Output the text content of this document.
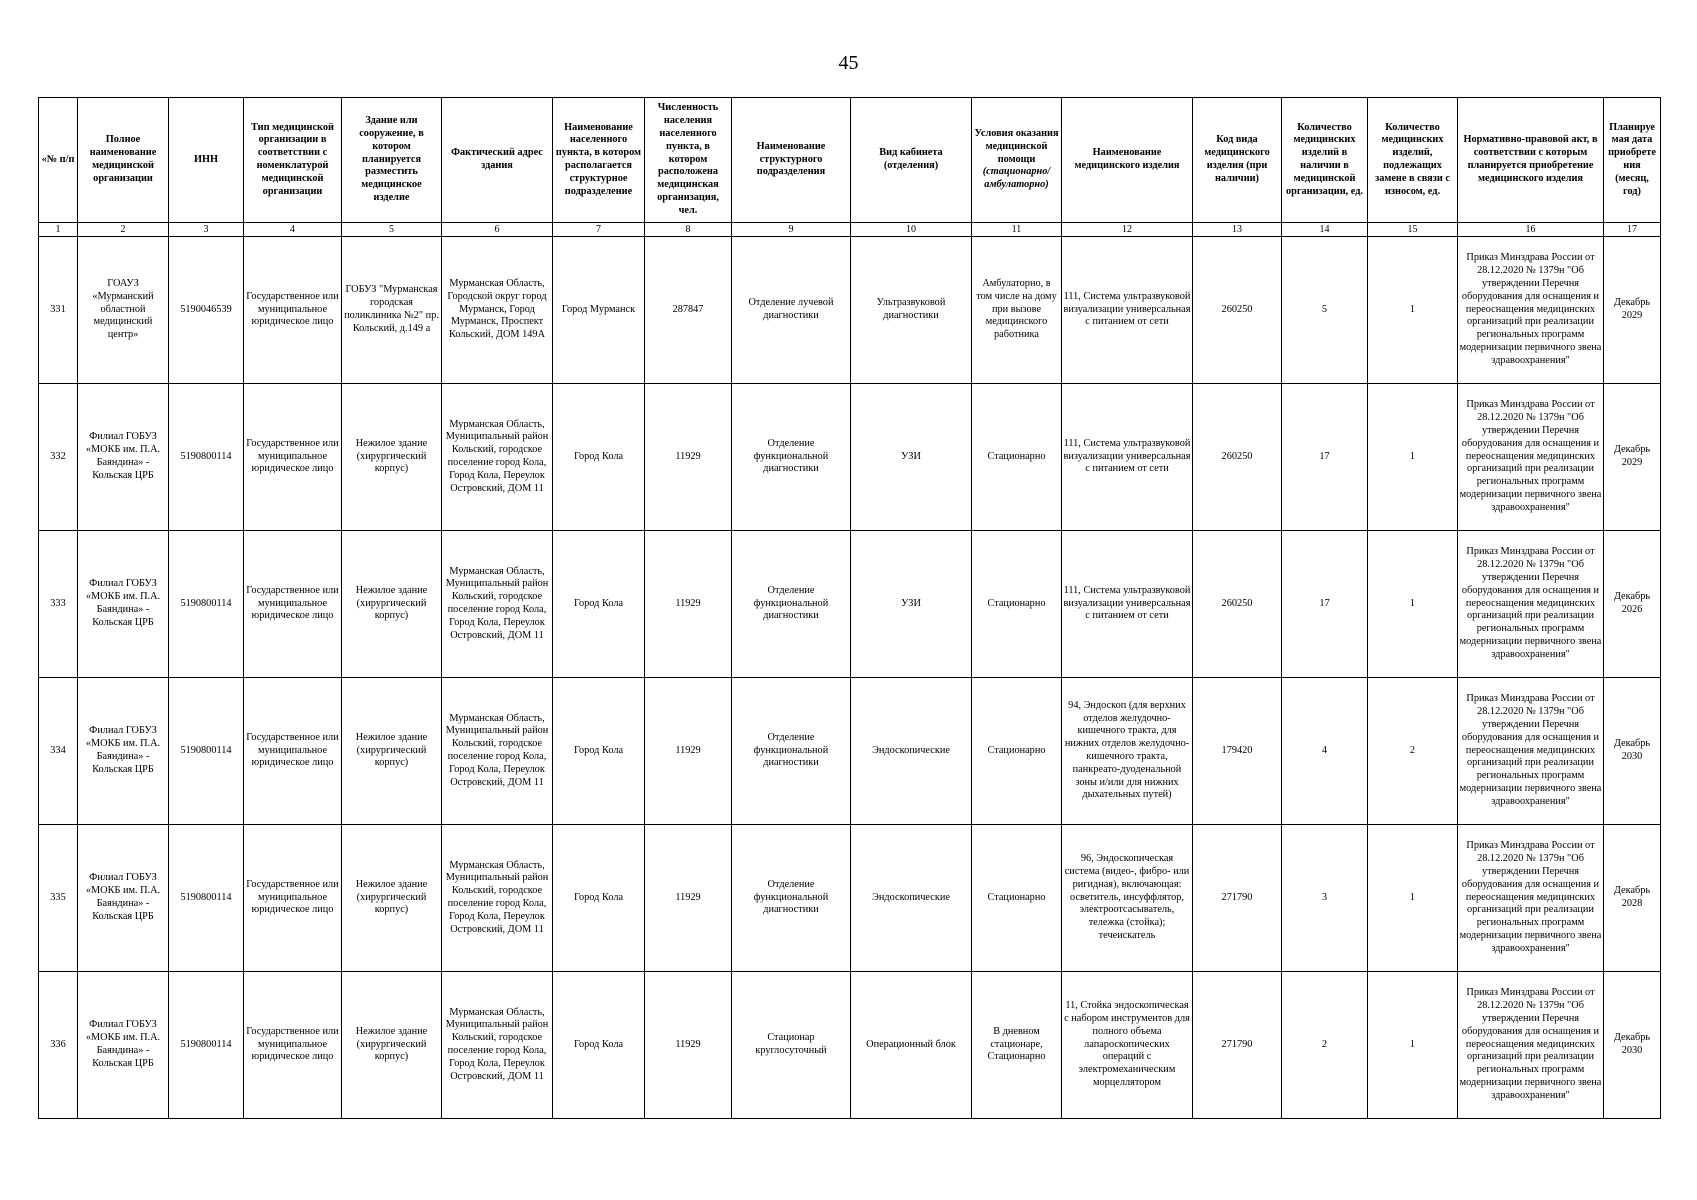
45
«№ п/п	Полное наименование медицинской организации	ИНН	Тип медицинской организации в соответствии с номенклатурой медицинской организации	Здание или сооружение, в котором планируется разместить медицинское изделие	Фактический адрес здания	Наименование населенного пункта, в котором располагается структурное подразделение	Численность населения населенного пункта, в котором расположена медицинская организация, чел.	Наименование структурного подразделения	Вид кабинета (отделения)	Условия оказания медицинской помощи (стационарно/ амбулаторно)	Наименование медицинского изделия	Код вида медицинского изделия (при наличии)	Количество медицинских изделий в наличии в медицинской организации, ед.	Количество медицинских изделий, подлежащих замене в связи с износом, ед.	Нормативно-правовой акт, в соответствии с которым планируется приобретение медицинского изделия	Планируемая дата приобретения (месяц, год)
1	2	3	4	5	6	7	8	9	10	11	12	13	14	15	16	17
331	ГОАУЗ «Мурманский областной медицинский центр»	5190046539	Государственное или муниципальное юридическое лицо	ГОБУЗ "Мурманская городская поликлиника №2" пр. Кольский, д.149 а	Мурманская Область, Городской округ город Мурманск, Город Мурманск, Проспект Кольский, ДОМ 149А	Город Мурманск	287847	Отделение лучевой диагностики	Ультразвуковой диагностики	Амбулаторно, в том числе на дому при вызове медицинского работника	111, Система ультразвуковой визуализации универсальная с питанием от сети	260250	5	1	Приказ Минздрава России от 28.12.2020 № 1379н "Об утверждении Перечня оборудования для оснащения и переоснащения медицинских организаций при реализации региональных программ модернизации первичного звена здравоохранения"	Декабрь 2029
332	Филиал ГОБУЗ «МОКБ им. П.А. Баяндина» - Кольская ЦРБ	5190800114	Государственное или муниципальное юридическое лицо	Нежилое здание (хирургический корпус)	Мурманская Область, Муниципальный район Кольский, городское поселение город Кола, Город Кола, Переулок Островский, ДОМ 11	Город Кола	11929	Отделение функциональной диагностики	УЗИ	Стационарно	111, Система ультразвуковой визуализации универсальная с питанием от сети	260250	17	1	Приказ Минздрава России от 28.12.2020 № 1379н "Об утверждении Перечня оборудования для оснащения и переоснащения медицинских организаций при реализации региональных программ модернизации первичного звена здравоохранения"	Декабрь 2029
333	Филиал ГОБУЗ «МОКБ им. П.А. Баяндина» - Кольская ЦРБ	5190800114	Государственное или муниципальное юридическое лицо	Нежилое здание (хирургический корпус)	Мурманская Область, Муниципальный район Кольский, городское поселение город Кола, Город Кола, Переулок Островский, ДОМ 11	Город Кола	11929	Отделение функциональной диагностики	УЗИ	Стационарно	111, Система ультразвуковой визуализации универсальная с питанием от сети	260250	17	1	Приказ Минздрава России от 28.12.2020 № 1379н "Об утверждении Перечня оборудования для оснащения и переоснащения медицинских организаций при реализации региональных программ модернизации первичного звена здравоохранения"	Декабрь 2026
334	Филиал ГОБУЗ «МОКБ им. П.А. Баяндина» - Кольская ЦРБ	5190800114	Государственное или муниципальное юридическое лицо	Нежилое здание (хирургический корпус)	Мурманская Область, Муниципальный район Кольский, городское поселение город Кола, Город Кола, Переулок Островский, ДОМ 11	Город Кола	11929	Отделение функциональной диагностики	Эндоскопические	Стационарно	94, Эндоскоп (для верхних отделов желудочно- кишечного тракта, для нижних отделов желудочно-кишечного тракта, панкреато-дуоденальной зоны и/или для нижних дыхательных путей)	179420	4	2	Приказ Минздрава России от 28.12.2020 № 1379н "Об утверждении Перечня оборудования для оснащения и переоснащения медицинских организаций при реализации региональных программ модернизации первичного звена здравоохранения"	Декабрь 2030
335	Филиал ГОБУЗ «МОКБ им. П.А. Баяндина» - Кольская ЦРБ	5190800114	Государственное или муниципальное юридическое лицо	Нежилое здание (хирургический корпус)	Мурманская Область, Муниципальный район Кольский, городское поселение город Кола, Город Кола, Переулок Островский, ДОМ 11	Город Кола	11929	Отделение функциональной диагностики	Эндоскопические	Стационарно	96, Эндоскопическая система (видео-, фибро- или ригидная), включающая: осветитель, инсуффлятор, электроотсасыватель, тележка (стойка); течеискатель	271790	3	1	Приказ Минздрава России от 28.12.2020 № 1379н "Об утверждении Перечня оборудования для оснащения и переоснащения медицинских организаций при реализации региональных программ модернизации первичного звена здравоохранения"	Декабрь 2028
336	Филиал ГОБУЗ «МОКБ им. П.А. Баяндина» - Кольская ЦРБ	5190800114	Государственное или муниципальное юридическое лицо	Нежилое здание (хирургический корпус)	Мурманская Область, Муниципальный район Кольский, городское поселение город Кола, Город Кола, Переулок Островский, ДОМ 11	Город Кола	11929	Стационар круглосуточный	Операционный блок	В дневном стационаре, Стационарно	11, Стойка эндоскопическая с набором инструментов для полного объема лапароскопических операций с электромеханическим морцеллятором	271790	2	1	Приказ Минздрава России от 28.12.2020 № 1379н "Об утверждении Перечня оборудования для оснащения и переоснащения медицинских организаций при реализации региональных программ модернизации первичного звена здравоохранения"	Декабрь 2030
